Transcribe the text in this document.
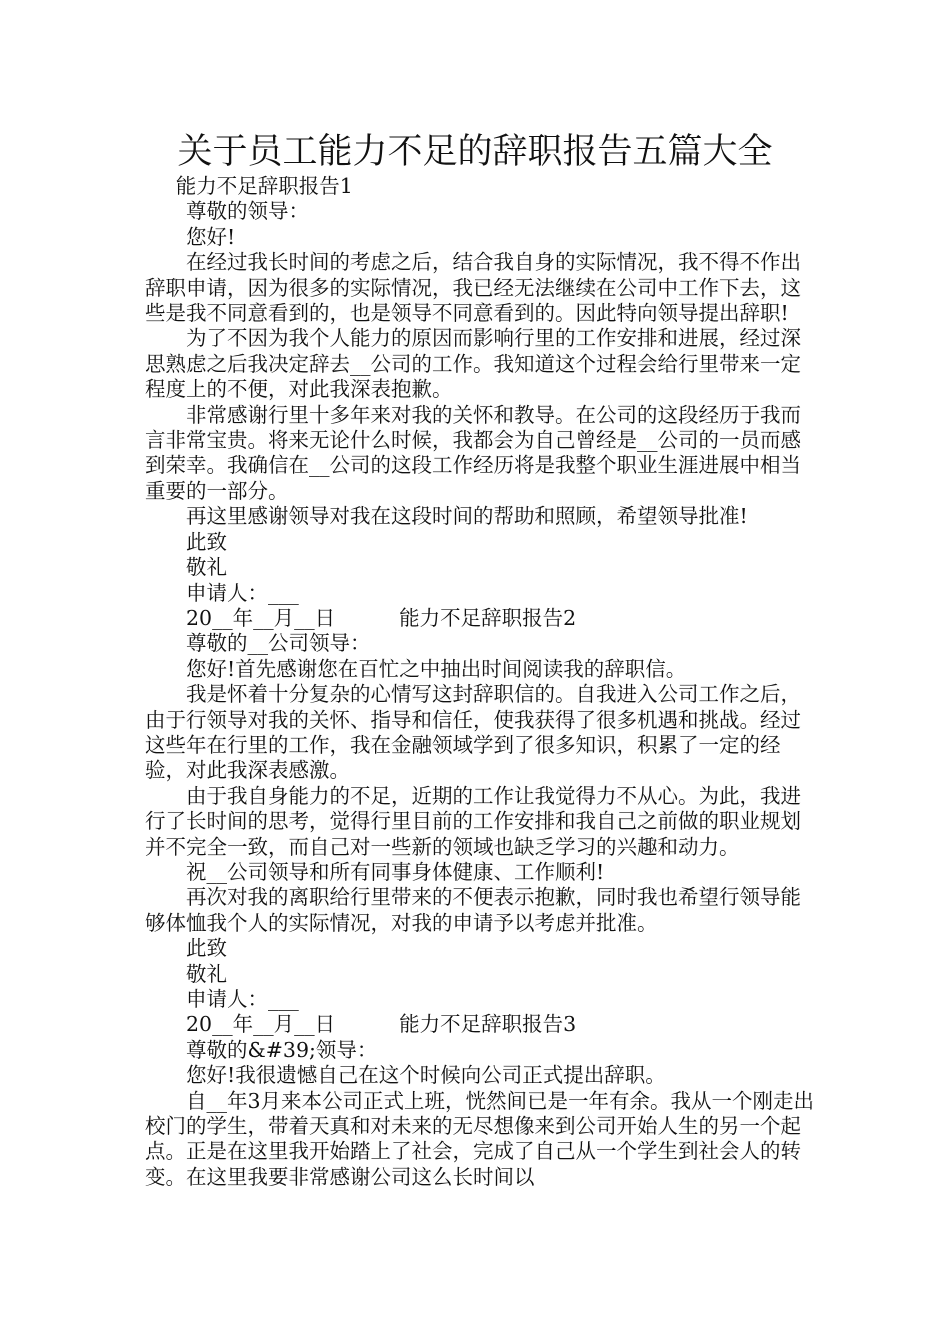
关于员工能力不足的辞职报告五篇大全

能力不足辞职报告1

尊敬的领导：

您好!

在经过我长时间的考虑之后，结合我自身的实际情况，我不得不作出辞职申请，因为很多的实际情况，我已经无法继续在公司中工作下去，这些是我不同意看到的，也是领导不同意看到的。因此特向领导提出辞职!

为了不因为我个人能力的原因而影响行里的工作安排和进展，经过深思熟虑之后我决定辞去__公司的工作。我知道这个过程会给行里带来一定程度上的不便，对此我深表抱歉。

非常感谢行里十多年来对我的关怀和教导。在公司的这段经历于我而言非常宝贵。将来无论什么时候，我都会为自己曾经是__公司的一员而感到荣幸。我确信在__公司的这段工作经历将是我整个职业生涯进展中相当重要的一部分。

再这里感谢领导对我在这段时间的帮助和照顾，希望领导批准!

此致

敬礼

申请人：___

20__年__月__日	能力不足辞职报告2

尊敬的__公司领导：

您好!首先感谢您在百忙之中抽出时间阅读我的辞职信。

我是怀着十分复杂的心情写这封辞职信的。自我进入公司工作之后，由于行领导对我的关怀、指导和信任，使我获得了很多机遇和挑战。经过这些年在行里的工作，我在金融领域学到了很多知识，积累了一定的经验，对此我深表感激。

由于我自身能力的不足，近期的工作让我觉得力不从心。为此，我进行了长时间的思考，觉得行里目前的工作安排和我自己之前做的职业规划并不完全一致，而自己对一些新的领域也缺乏学习的兴趣和动力。

祝__公司领导和所有同事身体健康、工作顺利!

再次对我的离职给行里带来的不便表示抱歉，同时我也希望行领导能够体恤我个人的实际情况，对我的申请予以考虑并批准。

此致

敬礼

申请人：___

20__年__月__日	能力不足辞职报告3

尊敬的&#39;领导：

您好!我很遗憾自己在这个时候向公司正式提出辞职。

自__年3月来本公司正式上班，恍然间已是一年有余。我从一个刚走出校门的学生，带着天真和对未来的无尽想像来到公司开始人生的另一个起点。正是在这里我开始踏上了社会，完成了自己从一个学生到社会人的转变。在这里我要非常感谢公司这么长时间以
